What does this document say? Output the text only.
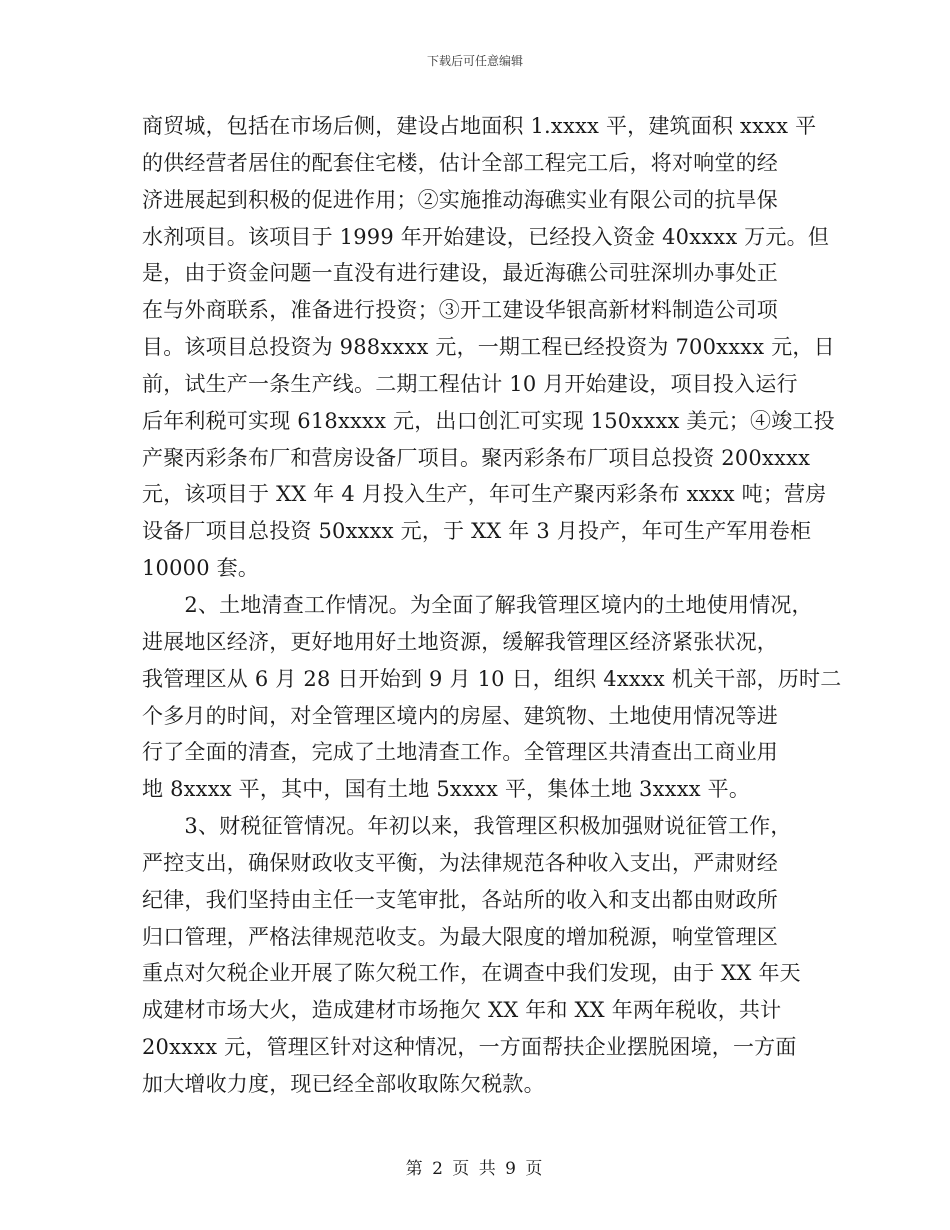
下载后可任意编辑
商贸城，包括在市场后侧，建设占地面积 1.xxxx 平，建筑面积 xxxx 平
的供经营者居住的配套住宅楼，估计全部工程完工后，将对响堂的经
济进展起到积极的促进作用；②实施推动海礁实业有限公司的抗旱保
水剂项目。该项目于 1999 年开始建设，已经投入资金 40xxxx 万元。但
是，由于资金问题一直没有进行建设，最近海礁公司驻深圳办事处正
在与外商联系，准备进行投资；③开工建设华银高新材料制造公司项
目。该项目总投资为 988xxxx 元，一期工程已经投资为 700xxxx 元，日
前，试生产一条生产线。二期工程估计 10 月开始建设，项目投入运行
后年利税可实现 618xxxx 元，出口创汇可实现 150xxxx 美元；④竣工投
产聚丙彩条布厂和营房设备厂项目。聚丙彩条布厂项目总投资 200xxxx
元，该项目于 XX 年 4 月投入生产，年可生产聚丙彩条布 xxxx 吨；营房
设备厂项目总投资 50xxxx 元，于 XX 年 3 月投产，年可生产军用卷柜
10000 套。
　　2、土地清查工作情况。为全面了解我管理区境内的土地使用情况，
进展地区经济，更好地用好土地资源，缓解我管理区经济紧张状况，
我管理区从 6 月 28 日开始到 9 月 10 日，组织 4xxxx 机关干部，历时二
个多月的时间，对全管理区境内的房屋、建筑物、土地使用情况等进
行了全面的清查，完成了土地清查工作。全管理区共清查出工商业用
地 8xxxx 平，其中，国有土地 5xxxx 平，集体土地 3xxxx 平。
　　3、财税征管情况。年初以来，我管理区积极加强财说征管工作，
严控支出，确保财政收支平衡，为法律规范各种收入支出，严肃财经
纪律，我们坚持由主任一支笔审批，各站所的收入和支出都由财政所
归口管理，严格法律规范收支。为最大限度的增加税源，响堂管理区
重点对欠税企业开展了陈欠税工作，在调查中我们发现，由于 XX 年天
成建材市场大火，造成建材市场拖欠 XX 年和 XX 年两年税收，共计
20xxxx 元，管理区针对这种情况，一方面帮扶企业摆脱困境，一方面
加大增收力度，现已经全部收取陈欠税款。
第 2 页 共 9 页
